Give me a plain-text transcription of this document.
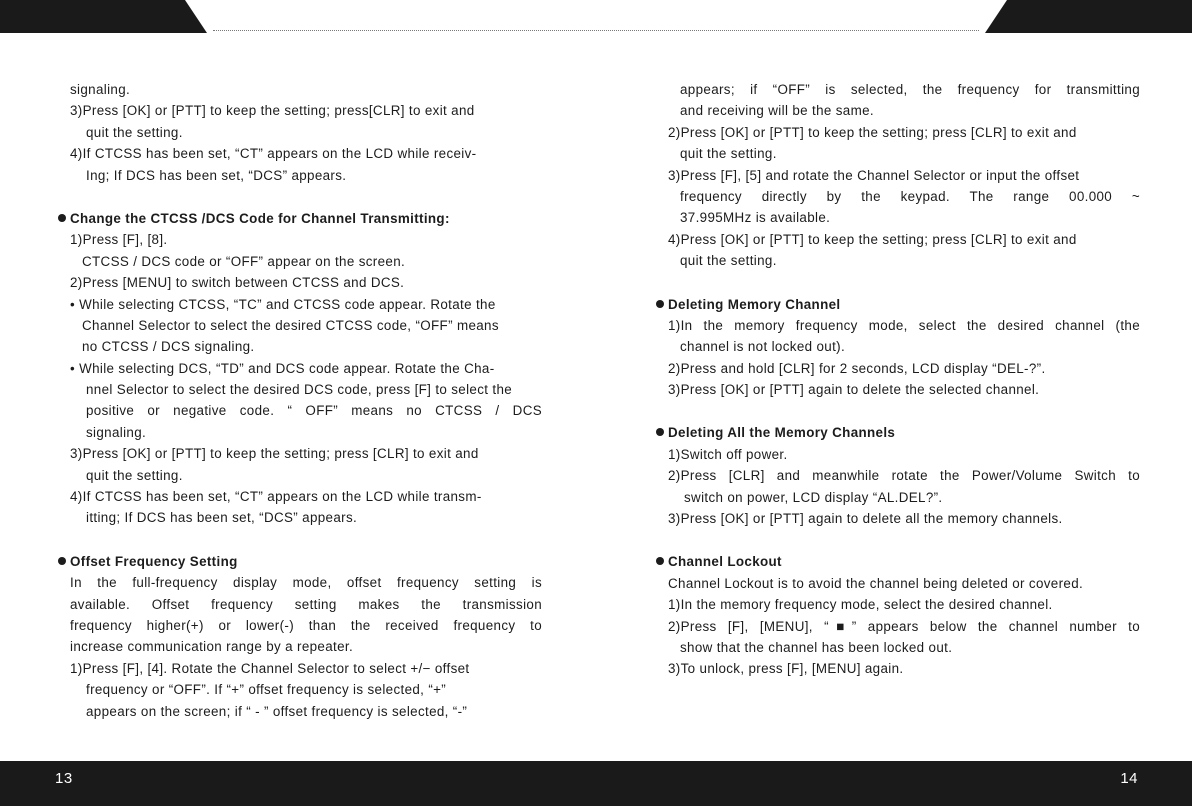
signaling.
3)Press [OK] or [PTT] to keep the setting; press[CLR] to exit and
quit the setting.
4)If CTCSS has been set, “CT” appears on the LCD while receiv-
Ing; If DCS has been set, “DCS” appears.
Change the CTCSS /DCS Code for Channel Transmitting:
1)Press [F], [8].
CTCSS / DCS code or “OFF” appear on the screen.
2)Press [MENU] to switch between CTCSS and DCS.
• While selecting CTCSS, “TC” and CTCSS code appear. Rotate the
Channel Selector to select the desired CTCSS code, “OFF” means
no CTCSS / DCS signaling.
• While selecting DCS, “TD” and DCS code appear. Rotate the Cha-
nnel Selector to select the desired DCS code, press [F] to select the
positive or negative code. “ OFF” means no CTCSS / DCS
signaling.
3)Press [OK] or [PTT] to keep the setting; press [CLR] to exit and
quit the setting.
4)If CTCSS has been set, “CT” appears on the LCD while transm-
itting; If DCS has been set, “DCS” appears.
Offset Frequency Setting
In the full-frequency display mode, offset frequency setting is
available. Offset frequency setting makes the transmission
frequency higher(+) or lower(-) than the received frequency to
increase communication range by a repeater.
1)Press [F], [4]. Rotate the Channel Selector to select +/− offset
frequency or “OFF”. If “+” offset frequency is selected, “+”
appears on the screen; if “ - ” offset frequency is selected, “-”
appears; if “OFF” is selected, the frequency for transmitting
and receiving will be the same.
2)Press [OK] or [PTT] to keep the setting; press [CLR] to exit and
quit the setting.
3)Press [F], [5] and rotate the Channel Selector or input the offset
frequency directly by the keypad. The range 00.000 ~
37.995MHz is available.
4)Press [OK] or [PTT] to keep the setting; press [CLR] to exit and
quit the setting.
Deleting Memory Channel
1)In the memory frequency mode, select the desired channel (the
channel is not locked out).
2)Press and hold [CLR] for 2 seconds, LCD display “DEL-?”.
3)Press [OK] or [PTT] again to delete the selected channel.
Deleting All the Memory Channels
1)Switch off power.
2)Press [CLR] and meanwhile rotate the Power/Volume Switch to
switch on power, LCD display “AL.DEL?”.
3)Press [OK] or [PTT] again to delete all the memory channels.
Channel Lockout
Channel Lockout is to avoid the channel being deleted or covered.
1)In the memory frequency mode, select the desired channel.
2)Press [F], [MENU], “■” appears below the channel number to
show that the channel has been locked out.
3)To unlock, press [F], [MENU] again.
13	14
